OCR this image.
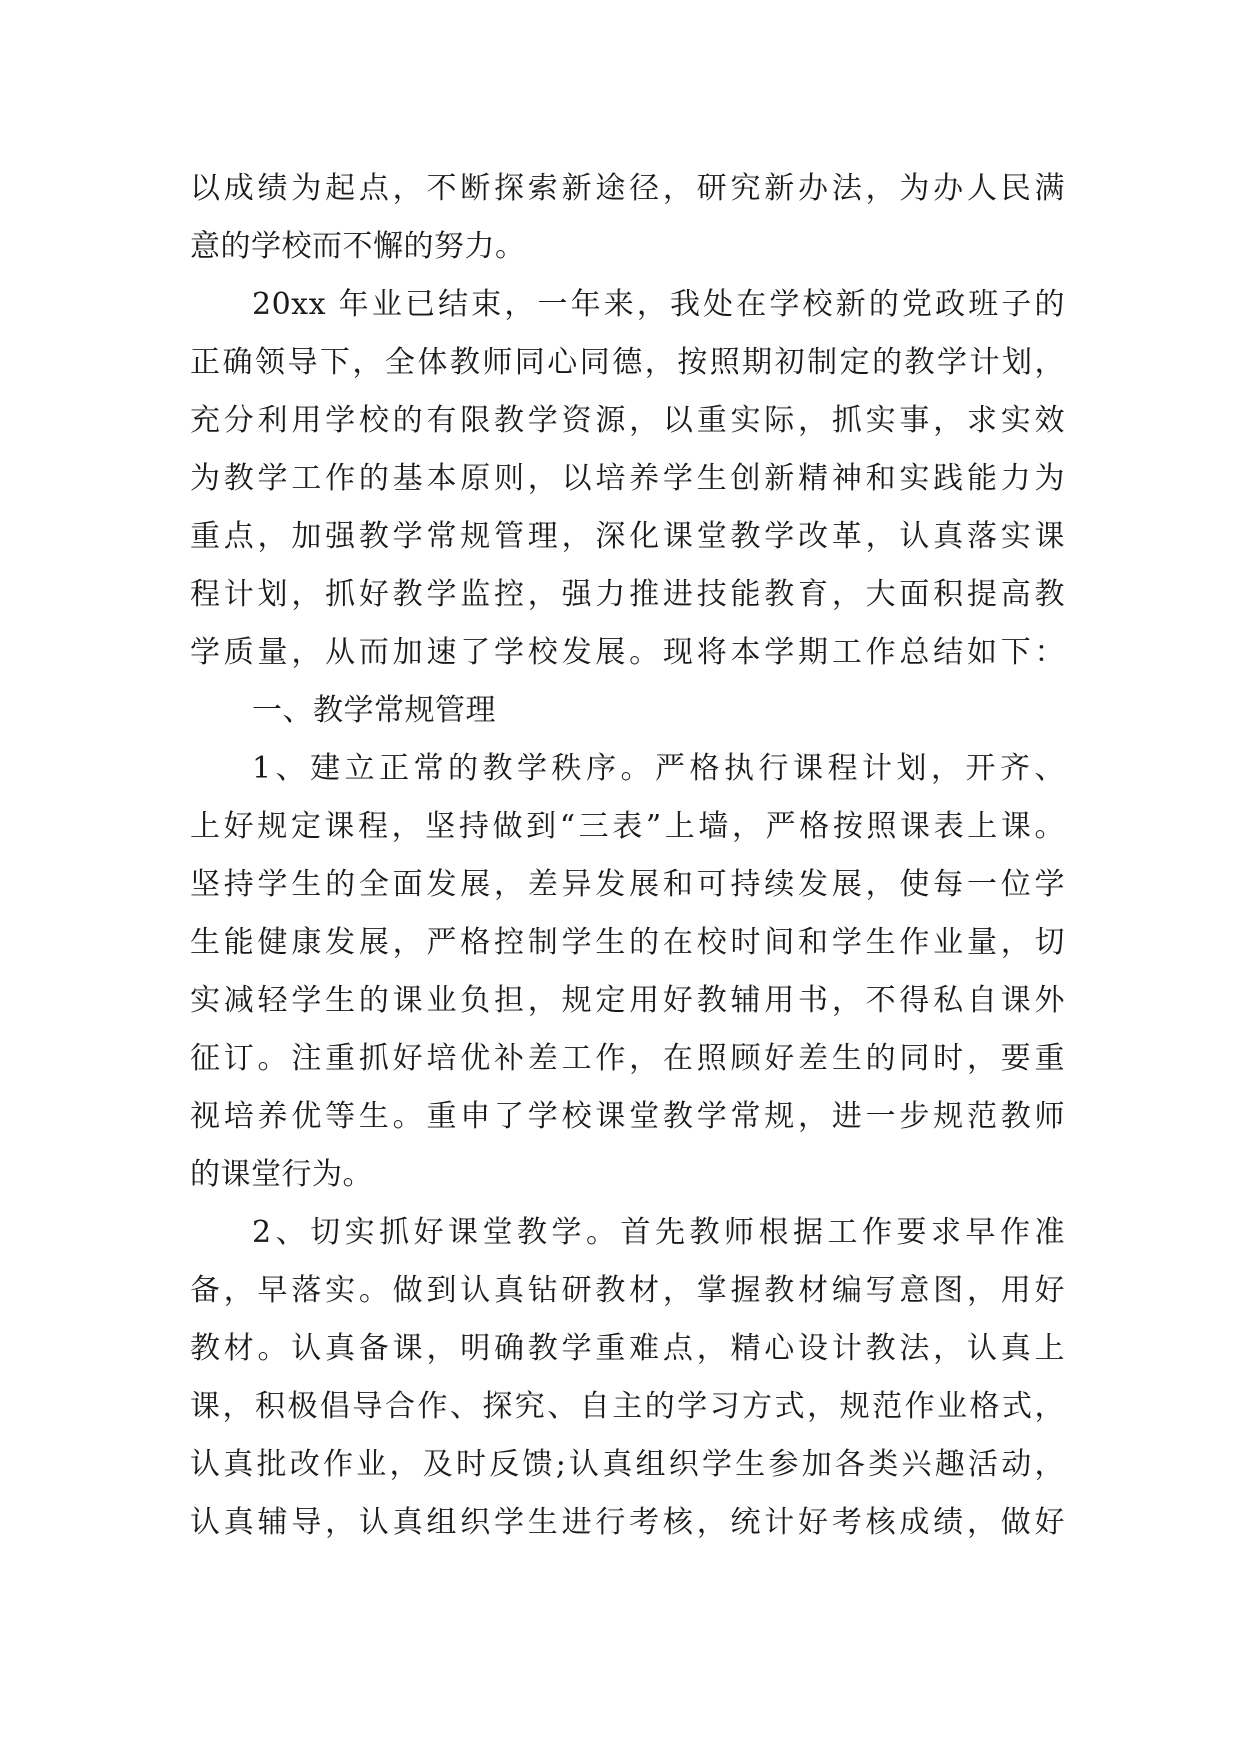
以成绩为起点，不断探索新途径，研究新办法，为办人民满
意的学校而不懈的努力。
20xx 年业已结束，一年来，我处在学校新的党政班子的
正确领导下，全体教师同心同德，按照期初制定的教学计划，
充分利用学校的有限教学资源，以重实际，抓实事，求实效
为教学工作的基本原则，以培养学生创新精神和实践能力为
重点，加强教学常规管理，深化课堂教学改革，认真落实课
程计划，抓好教学监控，强力推进技能教育，大面积提高教
学质量，从而加速了学校发展。现将本学期工作总结如下：
一、教学常规管理
1、建立正常的教学秩序。严格执行课程计划，开齐、
上好规定课程，坚持做到“三表”上墙，严格按照课表上课。
坚持学生的全面发展，差异发展和可持续发展，使每一位学
生能健康发展，严格控制学生的在校时间和学生作业量，切
实减轻学生的课业负担，规定用好教辅用书，不得私自课外
征订。注重抓好培优补差工作，在照顾好差生的同时，要重
视培养优等生。重申了学校课堂教学常规，进一步规范教师
的课堂行为。
2、切实抓好课堂教学。首先教师根据工作要求早作准
备，早落实。做到认真钻研教材，掌握教材编写意图，用好
教材。认真备课，明确教学重难点，精心设计教法，认真上
课，积极倡导合作、探究、自主的学习方式，规范作业格式，
认真批改作业，及时反馈;认真组织学生参加各类兴趣活动，
认真辅导，认真组织学生进行考核，统计好考核成绩，做好
